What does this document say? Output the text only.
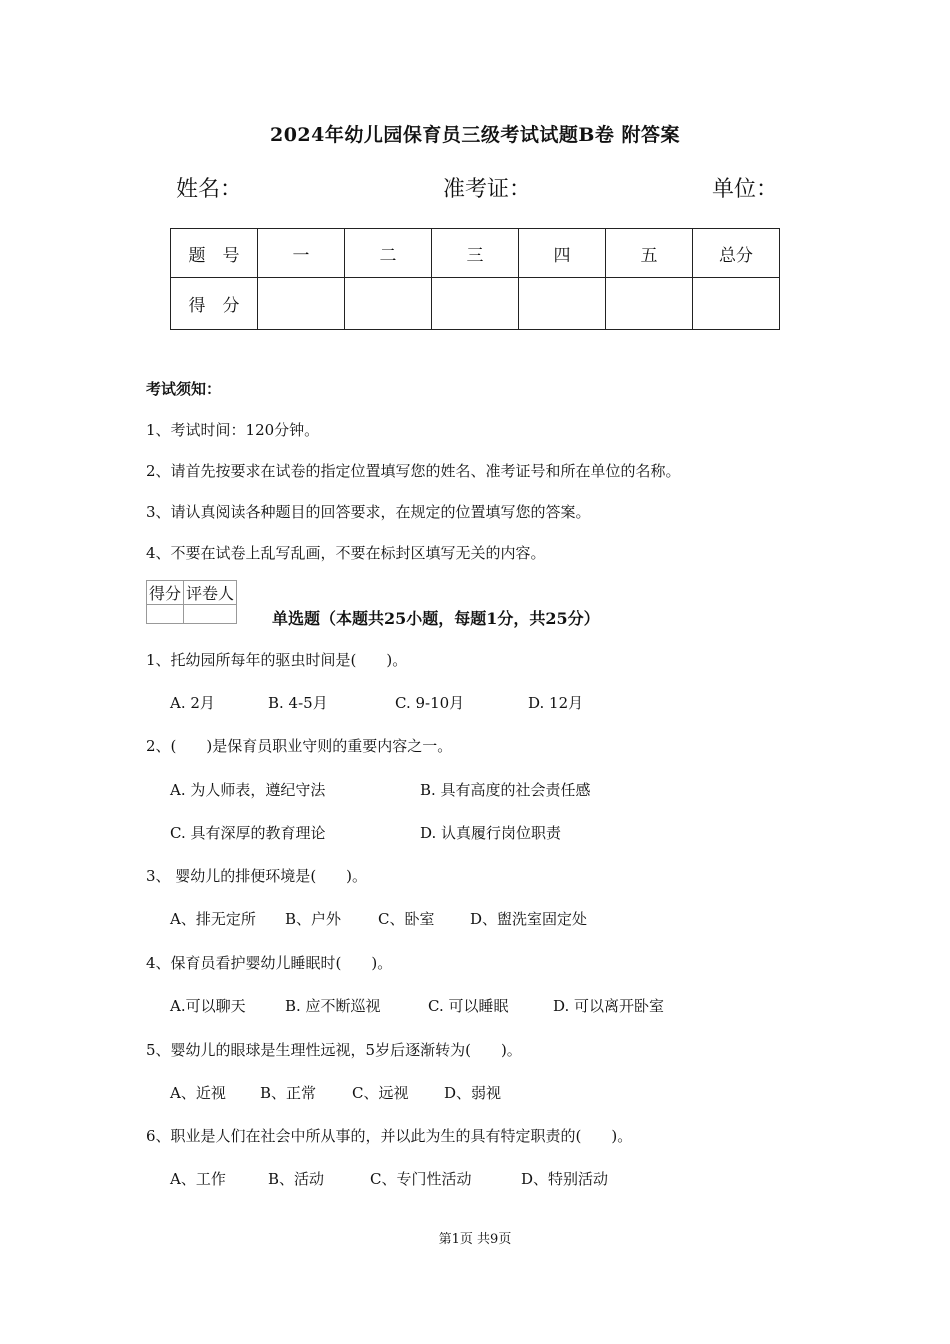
2024年幼儿园保育员三级考试试题B卷 附答案
姓名：	准考证：	单位：
题　号	一	二	三	四	五	总分
得　分						
考试须知：
1、考试时间：120分钟。
2、请首先按要求在试卷的指定位置填写您的姓名、准考证号和所在单位的名称。
3、请认真阅读各种题目的回答要求，在规定的位置填写您的答案。
4、不要在试卷上乱写乱画，不要在标封区填写无关的内容。
得分	评卷人

单选题（本题共25小题，每题1分，共25分）
1、托幼园所每年的驱虫时间是(　　)。
A. 2月	B. 4-5月	C. 9-10月	D. 12月
2、(　　)是保育员职业守则的重要内容之一。
A. 为人师表，遵纪守法	B. 具有高度的社会责任感
C. 具有深厚的教育理论	D. 认真履行岗位职责
3、 婴幼儿的排便环境是(　　)。
A、排无定所 B、户外 C、卧室 D、盥洗室固定处
4、保育员看护婴幼儿睡眠时(　　)。
A.可以聊天	B. 应不断巡视	C. 可以睡眠	D. 可以离开卧室
5、婴幼儿的眼球是生理性远视，5岁后逐渐转为(　　)。
A、近视 B、正常 C、远视 D、弱视
6、职业是人们在社会中所从事的，并以此为生的具有特定职责的(　　)。
A、工作	B、活动	C、专门性活动	D、特别活动
第1页 共9页
